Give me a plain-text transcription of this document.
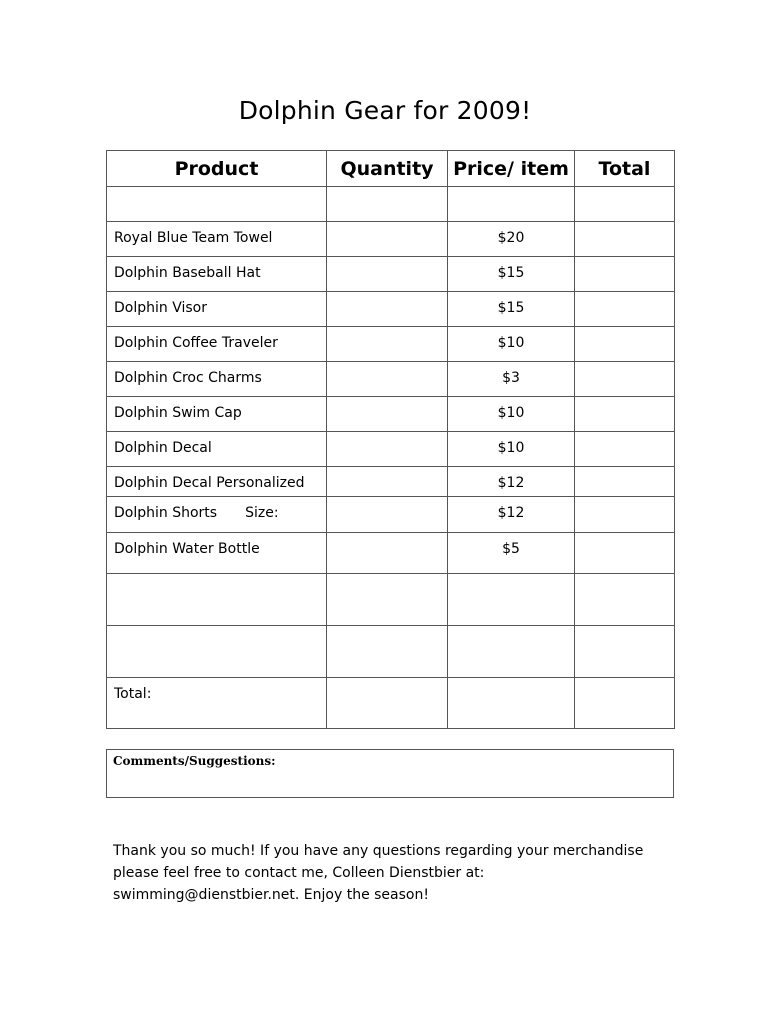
Dolphin Gear for 2009!
Product	Quantity	Price/ item	Total

Royal Blue Team Towel		$20	
Dolphin Baseball Hat		$15	
Dolphin Visor		$15	
Dolphin Coffee Traveler		$10	
Dolphin Croc Charms		$3	
Dolphin Swim Cap		$10	
Dolphin Decal		$10	
Dolphin Decal Personalized		$12	
Dolphin Shorts Size:		$12	
Dolphin Water Bottle		$5	

Total:			
Comments/Suggestions:
Thank you so much! If you have any questions regarding your merchandise
please feel free to contact me, Colleen Dienstbier at:
swimming@dienstbier.net. Enjoy the season!
